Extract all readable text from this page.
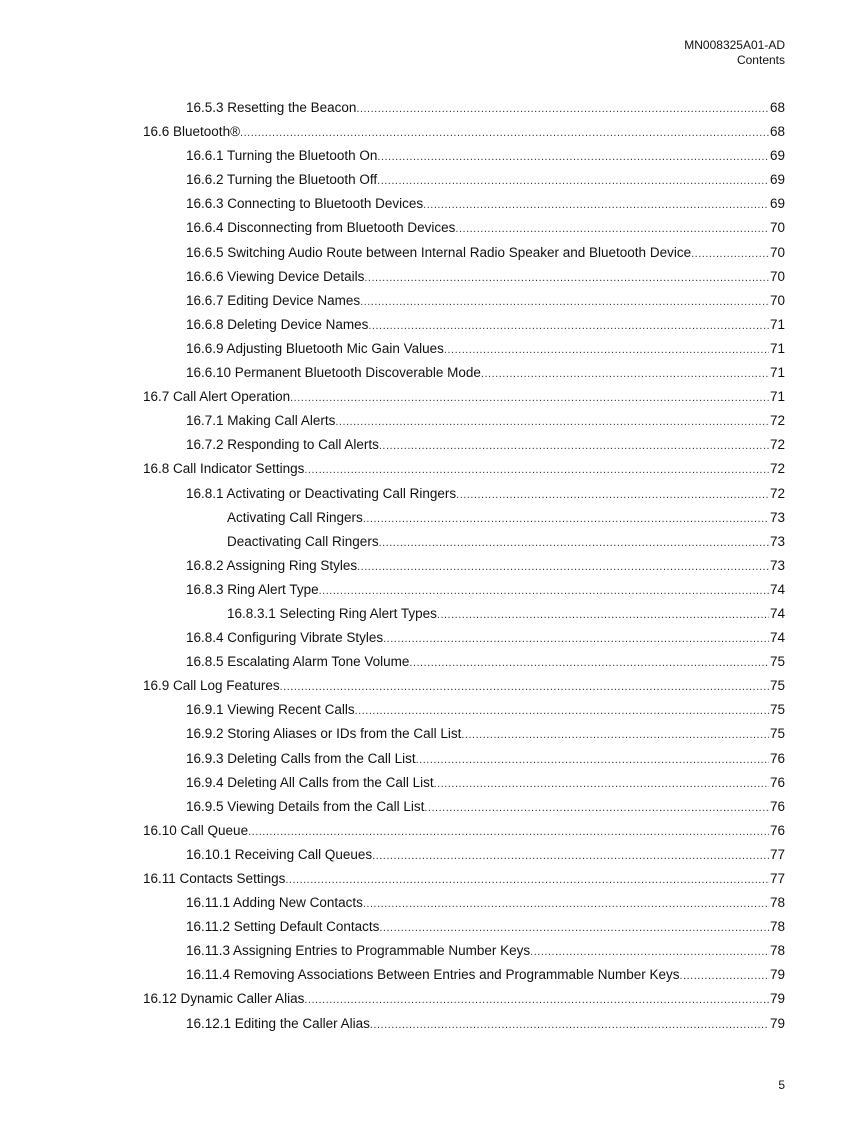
MN008325A01-AD
Contents
16.5.3 Resetting the Beacon .....	68
16.6 Bluetooth® .....	68
16.6.1 Turning the Bluetooth On .....	69
16.6.2 Turning the Bluetooth Off .....	69
16.6.3 Connecting to Bluetooth Devices .....	69
16.6.4 Disconnecting from Bluetooth Devices .....	70
16.6.5 Switching Audio Route between Internal Radio Speaker and Bluetooth Device .....	70
16.6.6 Viewing Device Details .....	70
16.6.7 Editing Device Names .....	70
16.6.8 Deleting Device Names .....	71
16.6.9 Adjusting Bluetooth Mic Gain Values .....	71
16.6.10 Permanent Bluetooth Discoverable Mode .....	71
16.7 Call Alert Operation .....	71
16.7.1 Making Call Alerts .....	72
16.7.2 Responding to Call Alerts .....	72
16.8 Call Indicator Settings .....	72
16.8.1 Activating or Deactivating Call Ringers .....	72
Activating Call Ringers .....	73
Deactivating Call Ringers .....	73
16.8.2 Assigning Ring Styles .....	73
16.8.3 Ring Alert Type .....	74
16.8.3.1 Selecting Ring Alert Types .....	74
16.8.4 Configuring Vibrate Styles .....	74
16.8.5 Escalating Alarm Tone Volume .....	75
16.9 Call Log Features .....	75
16.9.1 Viewing Recent Calls .....	75
16.9.2 Storing Aliases or IDs from the Call List .....	75
16.9.3 Deleting Calls from the Call List .....	76
16.9.4 Deleting All Calls from the Call List .....	76
16.9.5 Viewing Details from the Call List .....	76
16.10 Call Queue .....	76
16.10.1 Receiving Call Queues .....	77
16.11 Contacts Settings .....	77
16.11.1 Adding New Contacts .....	78
16.11.2 Setting Default Contacts .....	78
16.11.3 Assigning Entries to Programmable Number Keys .....	78
16.11.4 Removing Associations Between Entries and Programmable Number Keys .....	79
16.12 Dynamic Caller Alias .....	79
16.12.1 Editing the Caller Alias .....	79
5
